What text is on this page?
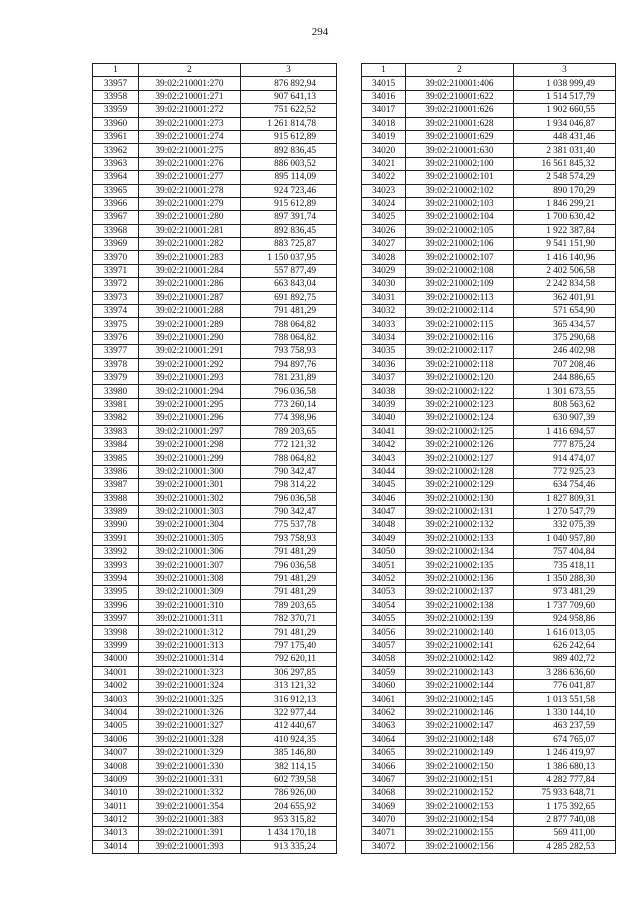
294
1	2	3
33957	39:02:210001:270	876 892,94
33958	39:02:210001:271	907 641,13
33959	39:02:210001:272	751 622,52
33960	39:02:210001:273	1 261 814,78
33961	39:02:210001:274	915 612,89
33962	39:02:210001:275	892 836,45
33963	39:02:210001:276	886 003,52
33964	39:02:210001:277	895 114,09
33965	39:02:210001:278	924 723,46
33966	39:02:210001:279	915 612,89
33967	39:02:210001:280	897 391,74
33968	39:02:210001:281	892 836,45
33969	39:02:210001:282	883 725,87
33970	39:02:210001:283	1 150 037,95
33971	39:02:210001:284	557 877,49
33972	39:02:210001:286	663 843,04
33973	39:02:210001:287	691 892,75
33974	39:02:210001:288	791 481,29
33975	39:02:210001:289	788 064,82
33976	39:02:210001:290	788 064,82
33977	39:02:210001:291	793 758,93
33978	39:02:210001:292	794 897,76
33979	39:02:210001:293	781 231,89
33980	39:02:210001:294	796 036,58
33981	39:02:210001:295	773 260,14
33982	39:02:210001:296	774 398,96
33983	39:02:210001:297	789 203,65
33984	39:02:210001:298	772 121,32
33985	39:02:210001:299	788 064,82
33986	39:02:210001:300	790 342,47
33987	39:02:210001:301	798 314,22
33988	39:02:210001:302	796 036,58
33989	39:02:210001:303	790 342,47
33990	39:02:210001:304	775 537,78
33991	39:02:210001:305	793 758,93
33992	39:02:210001:306	791 481,29
33993	39:02:210001:307	796 036,58
33994	39:02:210001:308	791 481,29
33995	39:02:210001:309	791 481,29
33996	39:02:210001:310	789 203,65
33997	39:02:210001:311	782 370,71
33998	39:02:210001:312	791 481,29
33999	39:02:210001:313	797 175,40
34000	39:02:210001:314	792 620,11
34001	39:02:210001:323	306 297,85
34002	39:02:210001:324	313 121,32
34003	39:02:210001:325	316 912,13
34004	39:02:210001:326	322 977,44
34005	39:02:210001:327	412 440,67
34006	39:02:210001:328	410 924,35
34007	39:02:210001:329	385 146,80
34008	39:02:210001:330	382 114,15
34009	39:02:210001:331	602 739,58
34010	39:02:210001:332	786 926,00
34011	39:02:210001:354	204 655,92
34012	39:02:210001:383	953 315,82
34013	39:02:210001:391	1 434 170,18
34014	39:02:210001:393	913 335,24
1	2	3
34015	39:02:210001:406	1 038 999,49
34016	39:02:210001:622	1 514 517,79
34017	39:02:210001:626	1 902 660,55
34018	39:02:210001:628	1 934 046,87
34019	39:02:210001:629	448 431,46
34020	39:02:210001:630	2 381 031,40
34021	39:02:210002:100	16 561 845,32
34022	39:02:210002:101	2 548 574,29
34023	39:02:210002:102	890 170,29
34024	39:02:210002:103	1 846 299,21
34025	39:02:210002:104	1 700 630,42
34026	39:02:210002:105	1 922 387,84
34027	39:02:210002:106	9 541 151,90
34028	39:02:210002:107	1 416 140,96
34029	39:02:210002:108	2 402 506,58
34030	39:02:210002:109	2 242 834,58
34031	39:02:210002:113	362 401,91
34032	39:02:210002:114	571 654,90
34033	39:02:210002:115	365 434,57
34034	39:02:210002:116	375 290,68
34035	39:02:210002:117	246 402,98
34036	39:02:210002:118	707 208,46
34037	39:02:210002:120	244 886,65
34038	39:02:210002:122	1 301 673,55
34039	39:02:210002:123	808 563,62
34040	39:02:210002:124	630 907,39
34041	39:02:210002:125	1 416 694,57
34042	39:02:210002:126	777 875,24
34043	39:02:210002:127	914 474,07
34044	39:02:210002:128	772 925,23
34045	39:02:210002:129	634 754,46
34046	39:02:210002:130	1 827 809,31
34047	39:02:210002:131	1 270 547,79
34048	39:02:210002:132	332 075,39
34049	39:02:210002:133	1 040 957,80
34050	39:02:210002:134	757 404,84
34051	39:02:210002:135	735 418,11
34052	39:02:210002:136	1 350 288,30
34053	39:02:210002:137	973 481,29
34054	39:02:210002:138	1 737 709,60
34055	39:02:210002:139	924 958,86
34056	39:02:210002:140	1 616 013,05
34057	39:02:210002:141	626 242,64
34058	39:02:210002:142	989 402,72
34059	39:02:210002:143	3 286 636,60
34060	39:02:210002:144	776 041,87
34061	39:02:210002:145	1 013 551,58
34062	39:02:210002:146	1 330 144,10
34063	39:02:210002:147	463 237,59
34064	39:02:210002:148	674 765,07
34065	39:02:210002:149	1 246 419,97
34066	39:02:210002:150	1 386 680,13
34067	39:02:210002:151	4 282 777,84
34068	39:02:210002:152	75 933 648,71
34069	39:02:210002:153	1 175 392,65
34070	39:02:210002:154	2 877 740,08
34071	39:02:210002:155	569 411,00
34072	39:02:210002:156	4 285 282,53
